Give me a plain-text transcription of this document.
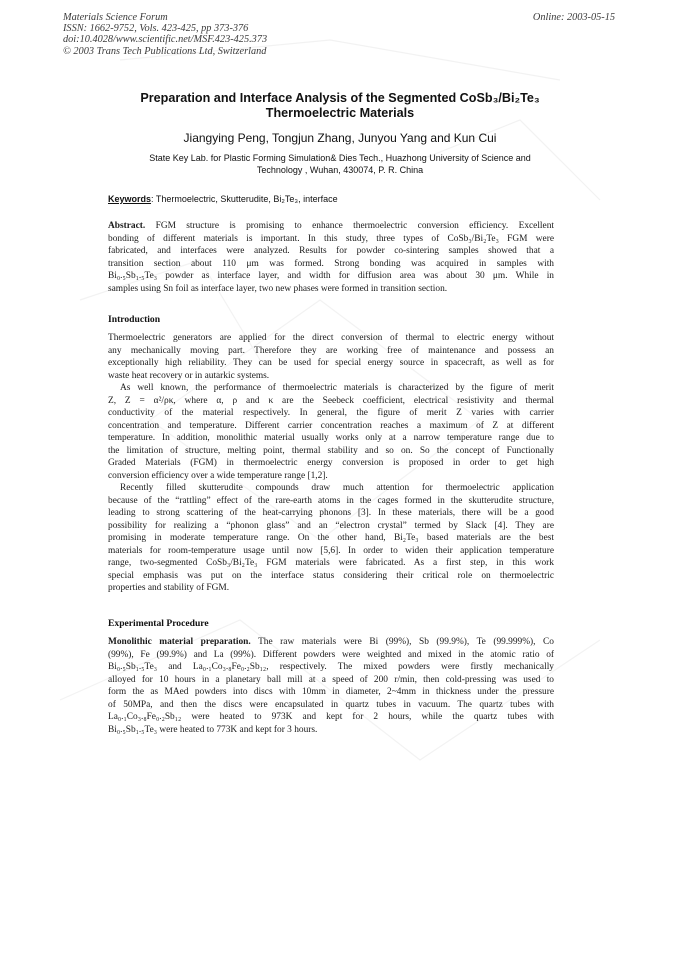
Materials Science Forum
ISSN: 1662-9752, Vols. 423-425, pp 373-376
doi:10.4028/www.scientific.net/MSF.423-425.373
© 2003 Trans Tech Publications Ltd, Switzerland
Online: 2003-05-15
Preparation and Interface Analysis of the Segmented CoSb₃/Bi₂Te₃
Thermoelectric Materials
Jiangying Peng, Tongjun Zhang, Junyou Yang and Kun Cui
State Key Lab. for Plastic Forming Simulation& Dies Tech., Huazhong University of Science and
Technology , Wuhan, 430074, P. R. China
Keywords: Thermoelectric, Skutterudite, Bi₂Te₃, interface
Abstract. FGM structure is promising to enhance thermoelectric conversion efficiency. Excellent
bonding of different materials is important. In this study, three types of CoSb₃/Bi₂Te₃ FGM were
fabricated, and interfaces were analyzed. Results for powder co-sintering samples showed that a
transition section about 110 μm was formed. Strong bonding was acquired in samples with
Bi₀.₅Sb₁.₅Te₃ powder as interface layer, and width for diffusion area was about 30 μm. While in
samples using Sn foil as interface layer, two new phases were formed in transition section.
Introduction
Thermoelectric generators are applied for the direct conversion of thermal to electric energy without
any mechanically moving part. Therefore they are working free of maintenance and possess an
exceptionally high reliability. They can be used for special energy source in spacecraft, as well as for
waste heat recovery or in autarkic systems.
As well known, the performance of thermoelectric materials is characterized by the figure of merit
Z, Z = α²/ρκ, where α, ρ and κ are the Seebeck coefficient, electrical resistivity and thermal
conductivity of the material respectively. In general, the figure of merit Z varies with carrier
concentration and temperature. Different carrier concentration reaches a maximum of Z at different
temperature. In addition, monolithic material usually works only at a narrow temperature range due to
the limitation of structure, melting point, thermal stability and so on. So the concept of Functionally
Graded Materials (FGM) in thermoelectric energy conversion is proposed in order to get high
conversion efficiency over a wide temperature range [1,2].
Recently filled skutterudite compounds draw much attention for thermoelectric application
because of the “rattling” effect of the rare-earth atoms in the cages formed in the skutterudite structure,
leading to strong scattering of the heat-carrying phonons [3]. In these materials, there will be a good
possibility for realizing a “phonon glass” and an “electron crystal” termed by Slack [4]. They are
promising in moderate temperature range. On the other hand, Bi₂Te₃ based materials are the best
materials for room-temperature usage until now [5,6]. In order to widen their application temperature
range, two-segmented CoSb₃/Bi₂Te₃ FGM materials were fabricated. As a first step, in this work
special emphasis was put on the interface status considering their critical role on thermoelectric
properties and stability of FGM.
Experimental Procedure
Monolithic material preparation. The raw materials were Bi (99%), Sb (99.9%), Te (99.999%), Co
(99%), Fe (99.9%) and La (99%). Different powders were weighted and mixed in the atomic ratio of
Bi₀.₅Sb₁.₅Te₃ and La₀.₁Co₃.₈Fe₀.₂Sb₁₂, respectively. The mixed powders were firstly mechanically
alloyed for 10 hours in a planetary ball mill at a speed of 200 r/min, then cold-pressing was used to
form the as MAed powders into discs with 10mm in diameter, 2~4mm in thickness under the pressure
of 50MPa, and then the discs were encapsulated in quartz tubes in vacuum. The quartz tubes with
La₀.₁Co₃.₈Fe₀.₂Sb₁₂ were heated to 973K and kept for 2 hours, while the quartz tubes with
Bi₀.₅Sb₁.₅Te₃ were heated to 773K and kept for 3 hours.
